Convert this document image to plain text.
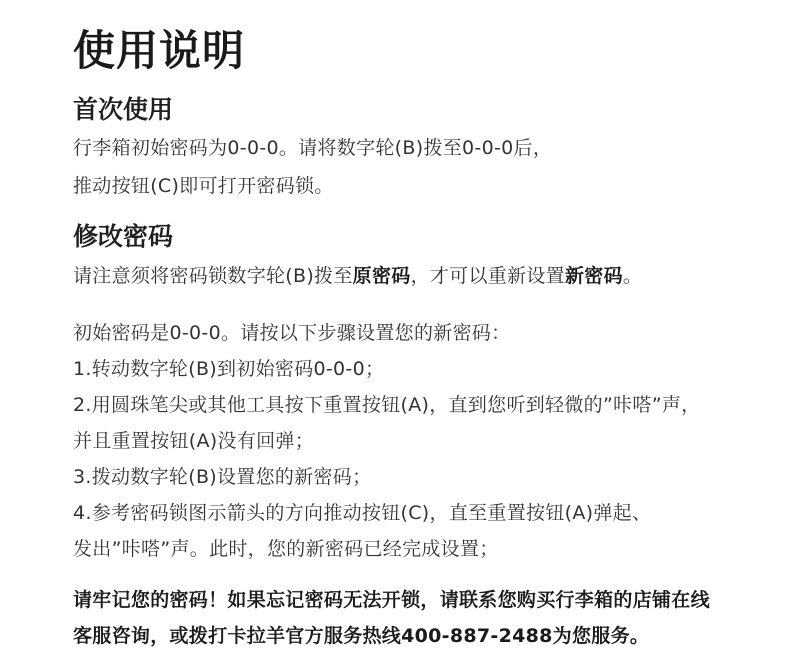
使用说明
首次使用
行李箱初始密码为0-0-0。请将数字轮(B)拨至0-0-0后，
推动按钮(C)即可打开密码锁。
修改密码
请注意须将密码锁数字轮(B)拨至原密码，才可以重新设置新密码。
初始密码是0-0-0。请按以下步骤设置您的新密码：
1.转动数字轮(B)到初始密码0-0-0；
2.用圆珠笔尖或其他工具按下重置按钮(A)，直到您听到轻微的”咔嗒”声，
并且重置按钮(A)没有回弹；
3.拨动数字轮(B)设置您的新密码；
4.参考密码锁图示箭头的方向推动按钮(C)，直至重置按钮(A)弹起、
发出”咔嗒”声。此时，您的新密码已经完成设置；
请牢记您的密码！如果忘记密码无法开锁，请联系您购买行李箱的店铺在线
客服咨询，或拨打卡拉羊官方服务热线400-887-2488为您服务。
